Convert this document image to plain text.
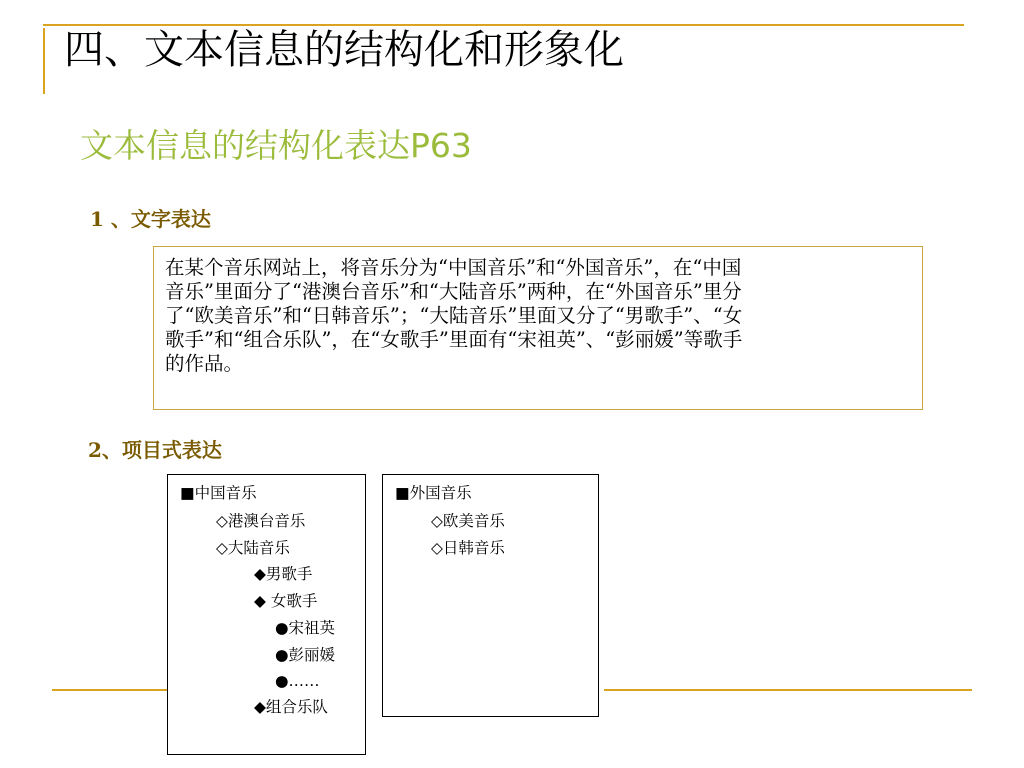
四、文本信息的结构化和形象化
文本信息的结构化表达P63
1 、文字表达
在某个音乐网站上，将音乐分为“中国音乐”和“外国音乐”，在“中国
音乐”里面分了“港澳台音乐”和“大陆音乐”两种，在“外国音乐”里分
了“欧美音乐”和“日韩音乐”；“大陆音乐”里面又分了“男歌手”、“女
歌手”和“组合乐队”，在“女歌手”里面有“宋祖英”、“彭丽媛”等歌手
的作品。
2、项目式表达
■中国音乐
◇港澳台音乐
◇大陆音乐
◆男歌手
◆ 女歌手
●宋祖英
●彭丽媛
●……
◆组合乐队
■外国音乐
◇欧美音乐
◇日韩音乐
